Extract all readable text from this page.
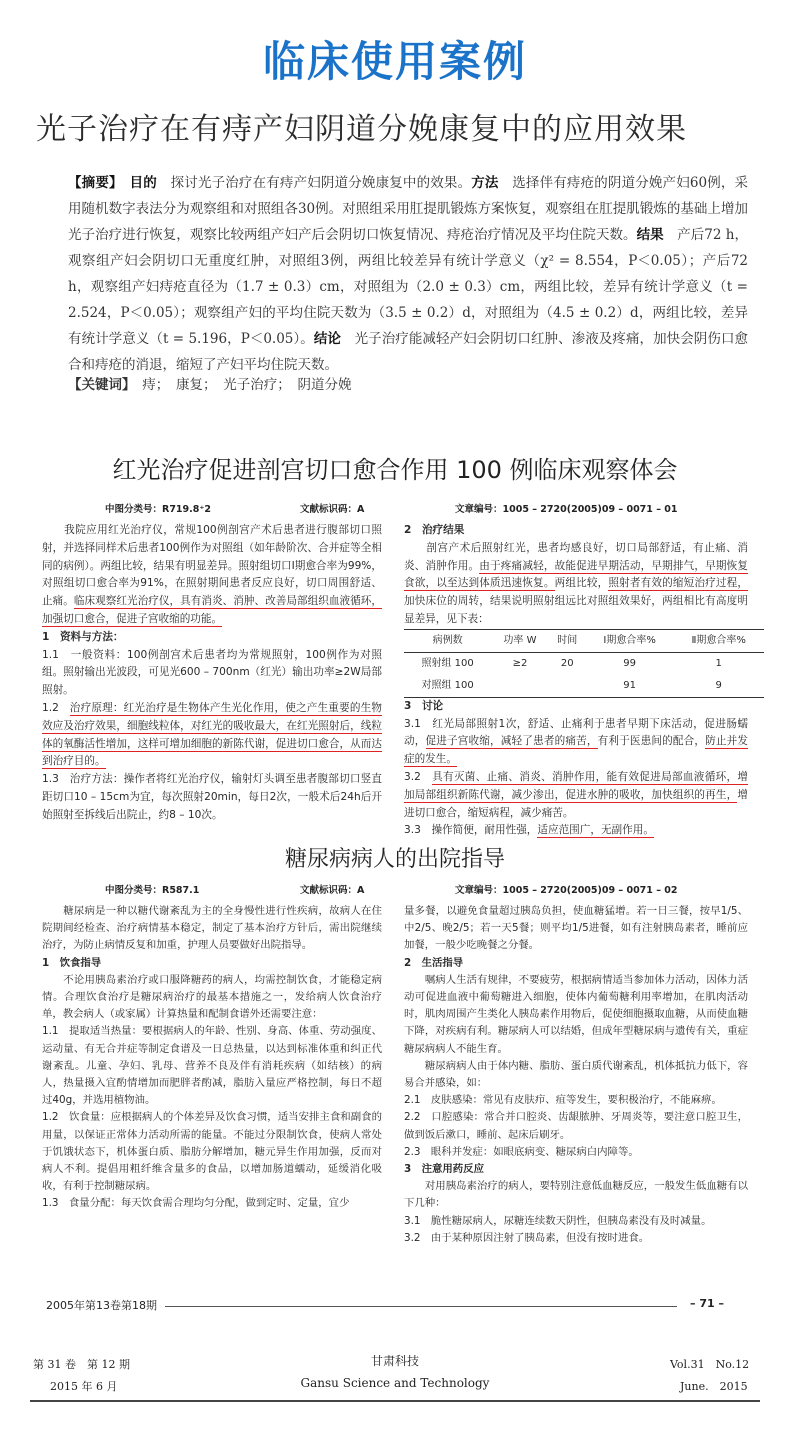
临床使用案例
光子治疗在有痔产妇阴道分娩康复中的应用效果
【摘要】　 目的　 探讨光子治疗在有痔产妇阴道分娩康复中的效果。方法　 选择伴有痔疮的阴道分娩产妇60例，采用随机数字表法分为观察组和对照组各30例。对照组采用肛提肌锻炼方案恢复，观察组在肛提肌锻炼的基础上增加光子治疗进行恢复，观察比较两组产妇产后会阴切口恢复情况、痔疮治疗情况及平均住院天数。结果　 产后72 h，观察组产妇会阴切口无重度红肿，对照组3例，两组比较差异有统计学意义（χ² = 8.554，P＜0.05）；产后72 h，观察组产妇痔疮直径为（1.7 ± 0.3）cm，对照组为（2.0 ± 0.3）cm，两组比较，差异有统计学意义（t = 2.524，P＜0.05）；观察组产妇的平均住院天数为（3.5 ± 0.2）d，对照组为（4.5 ± 0.2）d，两组比较，差异有统计学意义（t = 5.196，P＜0.05）。结论　 光子治疗能减轻产妇会阴切口红肿、渗液及疼痛，加快会阴伤口愈合和痔疮的消退，缩短了产妇平均住院天数。
【关键词】　 痔；　康复；　光子治疗；　阴道分娩
红光治疗促进剖宫切口愈合作用 100 例临床观察体会
中图分类号：R719.8⁺2	文献标识码：A	文章编号：1005 – 2720(2005)09 – 0071 – 01

　　我院应用红光治疗仪，常规100例剖宫产术后患者进行腹部切口照射，并选择同样术后患者100例作为对照组（如年龄阶次、合并症等全相同的病例）。两组比较，结果有明显差异。照射组切口Ⅰ期愈合率为99%，对照组切口愈合率为91%，在照射期间患者反应良好，切口周围舒适、止痛。临床观察红光治疗仪，具有消炎、消肿、改善局部组织血液循环，加强切口愈合，促进子宫收缩的功能。

1　资料与方法：

1.1　一般资料：100例剖宫术后患者均为常规照射，100例作为对照组。照射输出光波段，可见光600 – 700nm（红光）输出功率≥2W局部照射。

1.2　治疗原理：红光治疗是生物体产生光化作用，使之产生重要的生物效应及治疗效果，细胞线粒体，对红光的吸收最大，在红光照射后，线粒体的氧酶活性增加，这样可增加细胞的新陈代谢，促进切口愈合，从而达到治疗目的。

1.3　治疗方法：操作者将红光治疗仪，输射灯头调至患者腹部切口竖直距切口10 – 15cm为宜，每次照射20min，每日2次，一般术后24h后开始照射至拆线后出院止，约8 – 10次。

2　治疗结果

　　剖宫产术后照射红光，患者均感良好，切口局部舒适，有止痛、消炎、消肿作用。由于疼痛减轻，故能促进早期活动，早期排气，早期恢复食欲，以至达到体质迅速恢复。两组比较，照射者有效的缩短治疗过程，加快床位的周转，结果说明照射组远比对照组效果好，两组相比有高度明显差异，见下表：

病例数	功率 W	时间	Ⅰ期愈合率%	Ⅱ期愈合率%
照射组 100	≥2	20	99	1
对照组 100			91	9

3　讨论

3.1　红光局部照射1次，舒适、止痛利于患者早期下床活动，促进肠蠕动，促进子宫收缩，减轻了患者的痛苦，有利于医患间的配合，防止并发症的发生。

3.2　具有灭菌、止痛、消炎、消肿作用，能有效促进局部血液循环，增加局部组织新陈代谢，减少渗出，促进水肿的吸收，加快组织的再生，增进切口愈合，缩短病程，减少痛苦。

3.3　操作简便，耐用性强，适应范围广，无副作用。

糖尿病病人的出院指导
中图分类号：R587.1	文献标识码：A	文章编号：1005 – 2720(2005)09 – 0071 – 02

　　糖尿病是一种以糖代谢紊乱为主的全身慢性进行性疾病，故病人在住院期间经检查、治疗病情基本稳定，制定了基本治疗方针后，需出院继续治疗，为防止病情反复和加重，护理人员要做好出院指导。

1　饮食指导

　　不论用胰岛素治疗或口服降糖药的病人，均需控制饮食，才能稳定病情。合理饮食治疗是糖尿病治疗的最基本措施之一，发给病人饮食治疗单，教会病人（或家属）计算热量和配制食谱外还需要注意：

1.1　提取适当热量：要根据病人的年龄、性别、身高、体重、劳动强度、运动量、有无合并症等制定食谱及一日总热量，以达到标准体重和纠正代谢紊乱。儿童、孕妇、乳母、营养不良及伴有消耗疾病（如结核）的病人，热量摄入宜酌情增加而肥胖者酌减，脂肪入量应严格控制，每日不超过40g，并选用植物油。

1.2　饮食量：应根据病人的个体差异及饮食习惯，适当安排主食和副食的用量，以保证正常体力活动所需的能量。不能过分限制饮食，使病人常处于饥饿状态下，机体蛋白质、脂肪分解增加，糖元异生作用加强，反而对病人不利。提倡用粗纤维含量多的食品，以增加肠道蠕动，延缓消化吸收，有利于控制糖尿病。

1.3　食量分配：每天饮食需合理均匀分配，做到定时、定量，宜少

量多餐，以避免食量超过胰岛负担，使血糖猛增。若一日三餐，按早1/5、中2/5、晚2/5；若一天5餐；则平均1/5进餐，如有注射胰岛素者，睡前应加餐，一般少吃晚餐之分餐。

2　生活指导

　　嘱病人生活有规律，不要疲劳，根据病情适当参加体力活动，因体力活动可促进血液中葡萄糖进入细胞，使体内葡萄糖利用率增加，在肌肉活动时，肌肉周围产生类化人胰岛素作用物后，促使细胞摄取血糖，从而使血糖下降，对疾病有利。糖尿病人可以结婚，但成年型糖尿病与遗传有关，重症糖尿病病人不能生育。

　　糖尿病病人由于体内糖、脂肪、蛋白质代谢紊乱，机体抵抗力低下，容易合并感染，如：

2.1　皮肤感染：常见有皮肤疖、疽等发生，要积极治疗，不能麻痹。

2.2　口腔感染：常合并口腔炎、齿龈脓肿、牙周炎等，要注意口腔卫生，做到饭后漱口，睡前、起床后刷牙。

2.3　眼科并发症：如眼底病变、糖尿病白内障等。

3　注意用药反应

　　对用胰岛素治疗的病人，要特别注意低血糖反应，一般发生低血糖有以下几种：

3.1　脆性糖尿病人，尿糖连续数天阴性，但胰岛素没有及时减量。

3.2　由于某种原因注射了胰岛素，但没有按时进食。

2005年第13卷第18期	– 71 –
第 31 卷　第 12 期
2015 年 6 月
甘肃科技
Gansu Science and Technology
Vol.31　No.12
June.　2015
